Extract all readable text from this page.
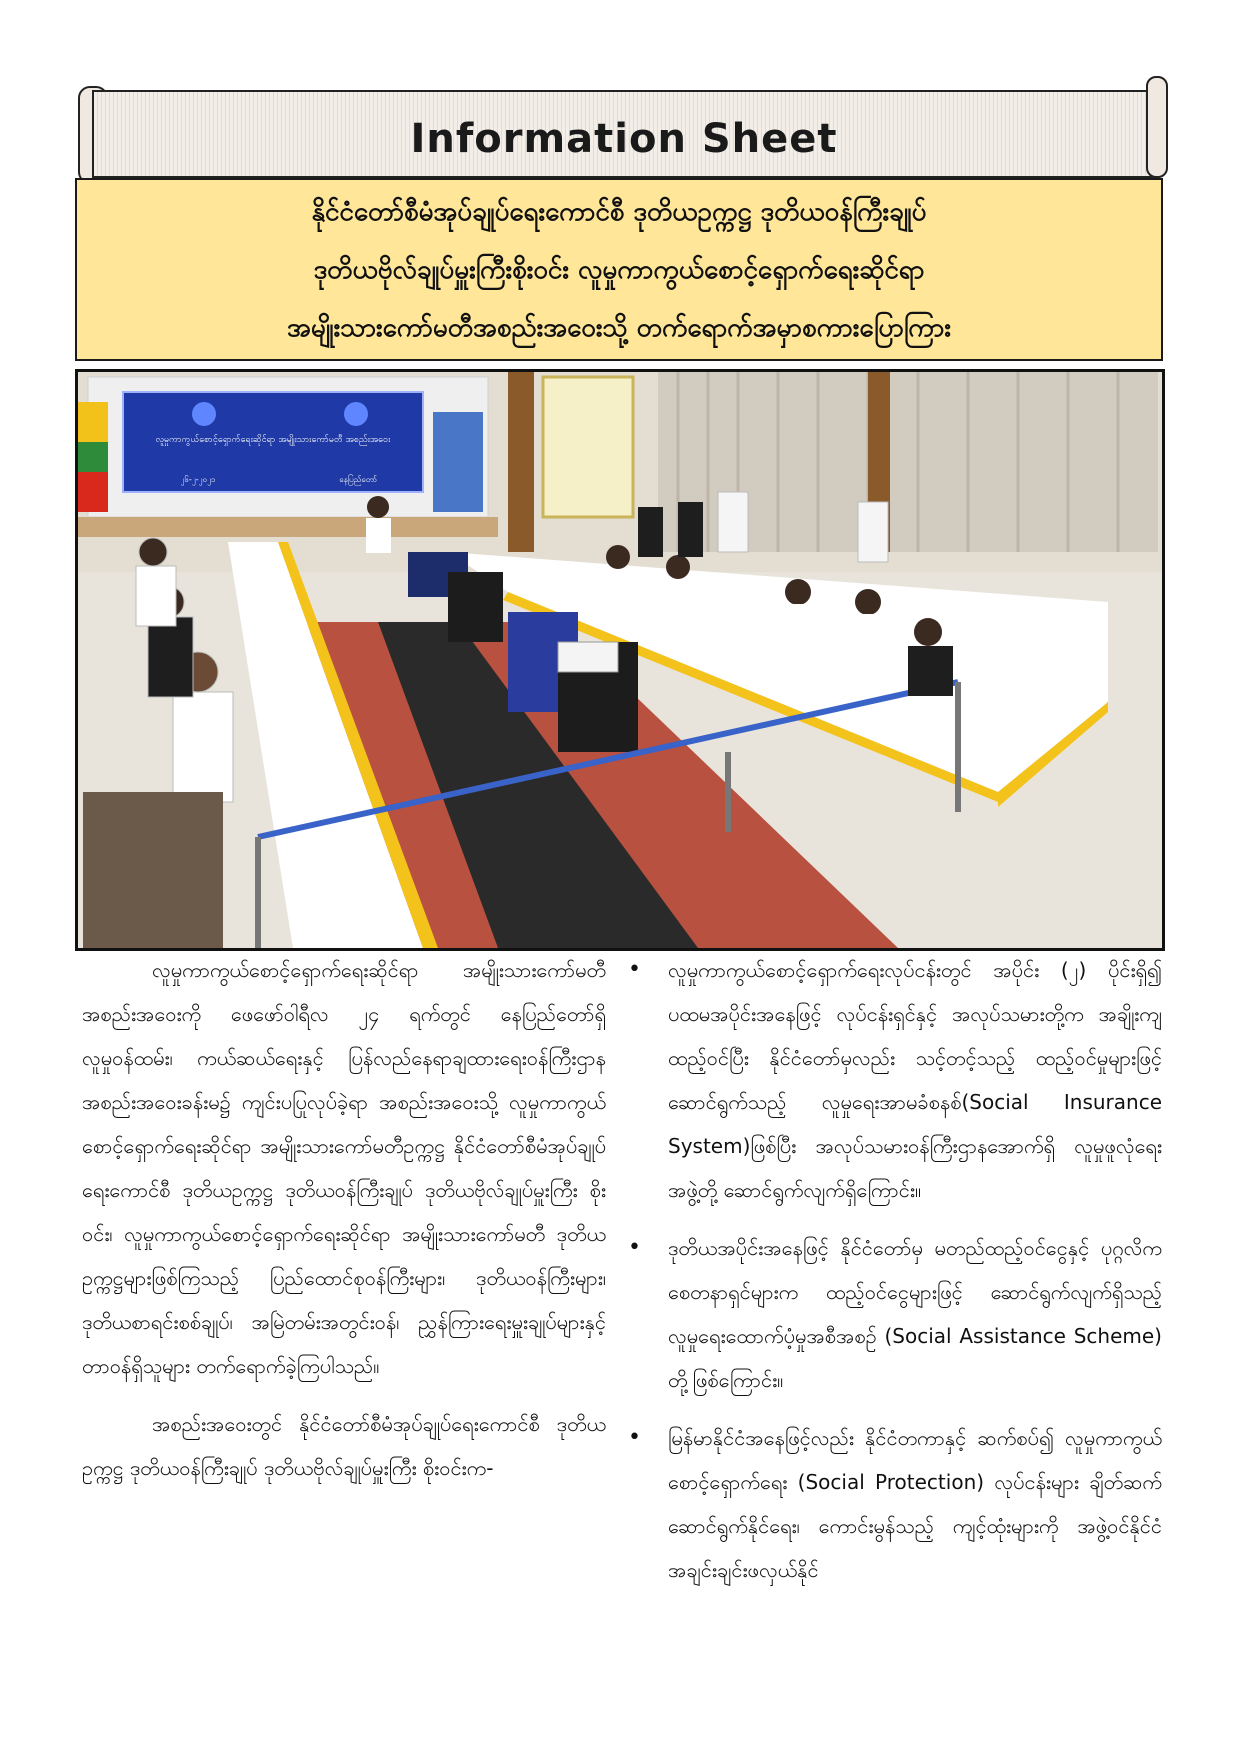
Information Sheet
နိုင်ငံတော်စီမံအုပ်ချုပ်ရေးကောင်စီ ဒုတိယဥက္ကဋ္ဌ ဒုတိယဝန်ကြီးချုပ်
ဒုတိယဗိုလ်ချုပ်မှူးကြီးစိုးဝင်း လူမှုကာကွယ်စောင့်ရှောက်ရေးဆိုင်ရာ
အမျိုးသားကော်မတီအစည်းအဝေးသို့ တက်ရောက်အမှာစကားပြောကြား
လူမှုကာကွယ်စောင့်ရှောက်ရေးဆိုင်ရာ အမျိုးသားကော်မတီ အစည်းအဝေး
၂၆-၂-၂၀၂၁	နေပြည်တော်

လူမှုကာကွယ်စောင့်ရှောက်ရေးဆိုင်ရာ အမျိုးသားကော်မတီ အစည်းအဝေးကို ဖေဖော်ဝါရီလ ၂၄ ရက်တွင် နေပြည်တော်ရှိ လူမှုဝန်ထမ်း၊ ကယ်ဆယ်ရေးနှင့် ပြန်လည်နေရာချထားရေးဝန်ကြီးဌာန အစည်းအဝေးခန်းမ၌ ကျင်းပပြုလုပ်ခဲ့ရာ အစည်းအဝေးသို့ လူမှုကာကွယ်စောင့်ရှောက်ရေးဆိုင်ရာ အမျိုးသားကော်မတီဥက္ကဋ္ဌ နိုင်ငံတော်စီမံအုပ်ချုပ်ရေးကောင်စီ ဒုတိယဥက္ကဋ္ဌ ဒုတိယဝန်ကြီးချုပ် ဒုတိယဗိုလ်ချုပ်မှူးကြီး စိုးဝင်း၊ လူမှုကာကွယ်စောင့်ရှောက်ရေးဆိုင်ရာ အမျိုးသားကော်မတီ ဒုတိယဥက္ကဋ္ဌများဖြစ်ကြသည့် ပြည်ထောင်စုဝန်ကြီးများ၊ ဒုတိယဝန်ကြီးများ၊ ဒုတိယစာရင်းစစ်ချုပ်၊ အမြဲတမ်းအတွင်းဝန်၊ ညွှန်ကြားရေးမှူးချုပ်များနှင့် တာဝန်ရှိသူများ တက်ရောက်ခဲ့ကြပါသည်။

အစည်းအဝေးတွင် နိုင်ငံတော်စီမံအုပ်ချုပ်ရေးကောင်စီ ဒုတိယဥက္ကဋ္ဌ ဒုတိယဝန်ကြီးချုပ် ဒုတိယဗိုလ်ချုပ်မှူးကြီး စိုးဝင်းက-

• လူမှုကာကွယ်စောင့်ရှောက်ရေးလုပ်ငန်းတွင် အပိုင်း (၂) ပိုင်းရှိ၍ ပထမအပိုင်းအနေဖြင့် လုပ်ငန်းရှင်နှင့် အလုပ်သမားတို့က အချိုးကျထည့်ဝင်ပြီး နိုင်ငံတော်မှလည်း သင့်တင့်သည့် ထည့်ဝင်မှုများဖြင့် ဆောင်ရွက်သည့် လူမှုရေးအာမခံစနစ်(Social Insurance System)ဖြစ်ပြီး အလုပ်သမားဝန်ကြီးဌာနအောက်ရှိ လူမှုဖူလုံရေးအဖွဲ့တို့ ဆောင်ရွက်လျက်ရှိကြောင်း။
• ဒုတိယအပိုင်းအနေဖြင့် နိုင်ငံတော်မှ မတည်ထည့်ဝင်ငွေနှင့် ပုဂ္ဂလိက စေတနာရှင်များက ထည့်ဝင်ငွေများဖြင့် ဆောင်ရွက်လျက်ရှိသည့် လူမှုရေးထောက်ပံ့မှုအစီအစဉ် (Social Assistance Scheme) တို့ဖြစ်ကြောင်း။
• မြန်မာနိုင်ငံအနေဖြင့်လည်း နိုင်ငံတကာနှင့် ဆက်စပ်၍ လူမှုကာကွယ်စောင့်ရှောက်ရေး (Social Protection) လုပ်ငန်းများ ချိတ်ဆက်ဆောင်ရွက်နိုင်ရေး၊ ကောင်းမွန်သည့် ကျင့်ထုံးများကို အဖွဲ့ဝင်နိုင်ငံအချင်းချင်းဖလှယ်နိုင်
